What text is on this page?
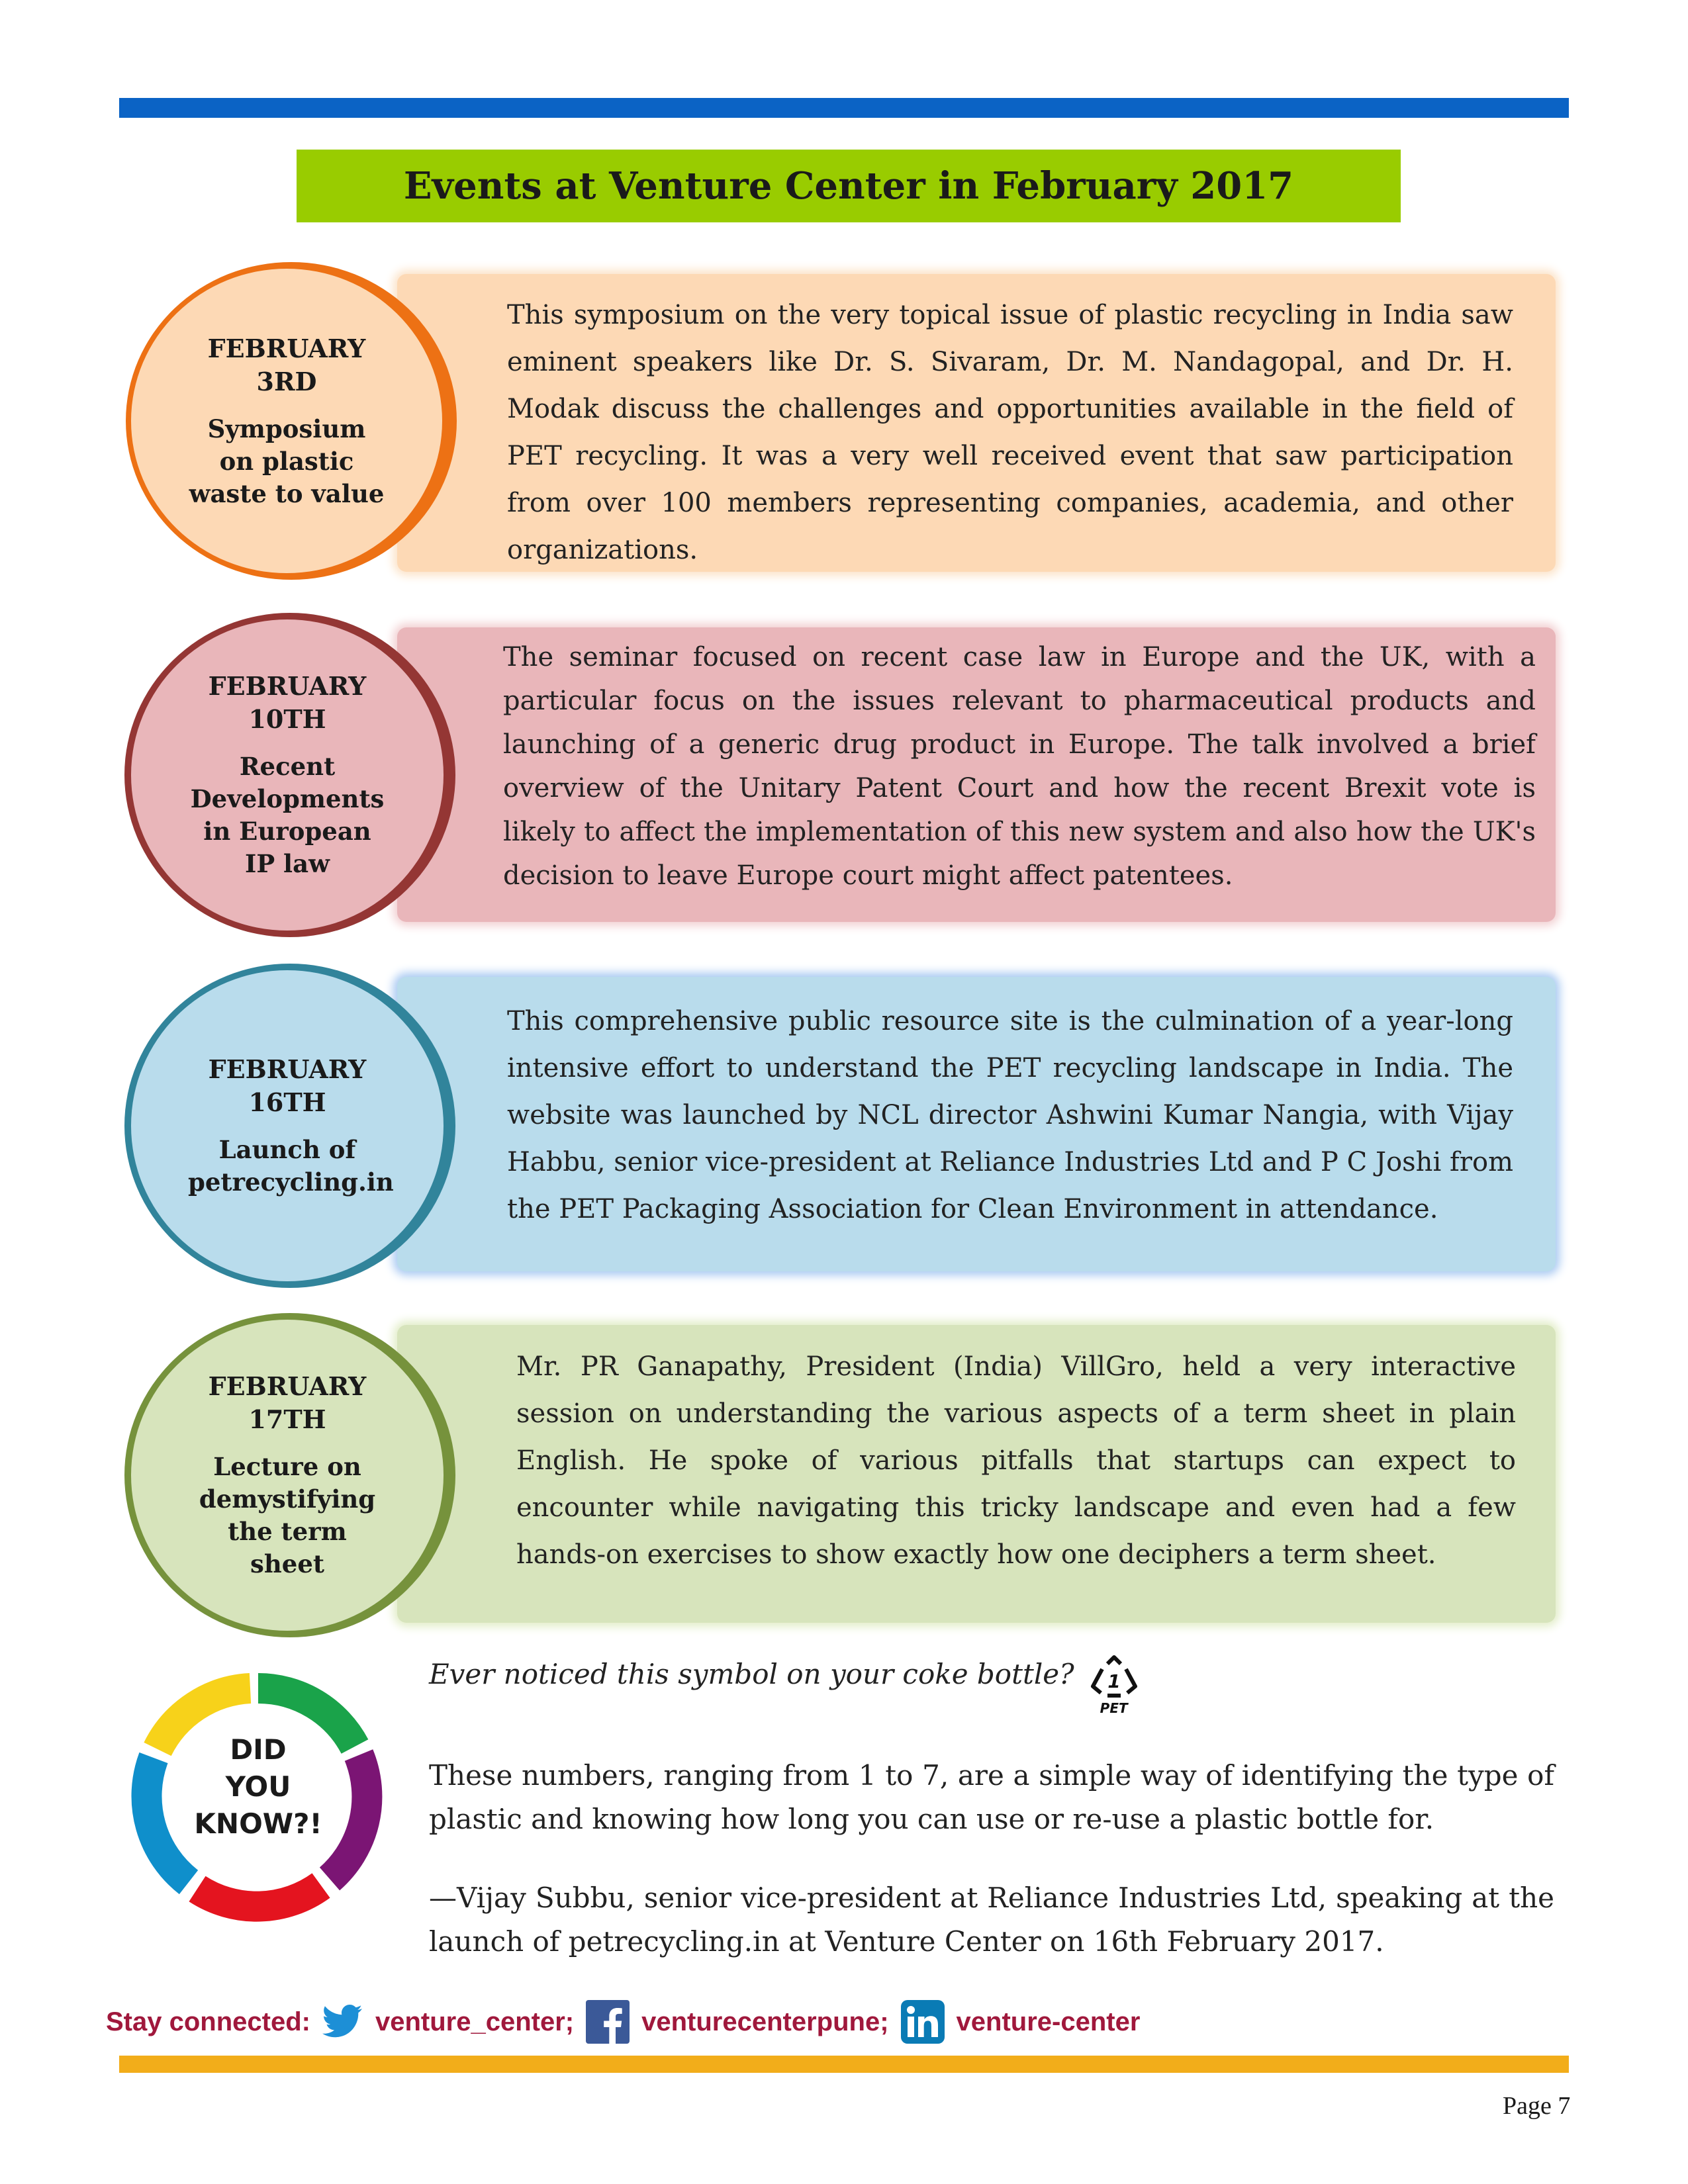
Events at Venture Center in February 2017
FEBRUARY
3RD
Symposium on plastic waste to value
This symposium on the very topical issue of plastic recycling in India saw eminent speakers like Dr. S. Sivaram, Dr. M. Nandagopal, and Dr. H. Modak discuss the challenges and opportunities available in the field of PET recycling. It was a very well received event that saw participation from over 100 members representing companies, academia, and other organizations.
FEBRUARY
10TH
Recent Developments in European IP law
The seminar focused on recent case law in Europe and the UK, with a particular focus on the issues relevant to pharmaceutical products and launching of a generic drug product in Europe. The talk involved a brief overview of the Unitary Patent Court and how the recent Brexit vote is likely to affect the implementation of this new system and also how the UK's decision to leave Europe court might affect patentees.
FEBRUARY
16TH
Launch of petrecycling.in
This comprehensive public resource site is the culmination of a year-long intensive effort to understand the PET recycling landscape in India. The website was launched by NCL director Ashwini Kumar Nangia, with Vijay Habbu, senior vice-president at Reliance Industries Ltd and P C Joshi from the PET Packaging Association for Clean Environment in attendance.
FEBRUARY
17TH
Lecture on demystifying the term sheet
Mr. PR Ganapathy, President (India) VillGro, held a very interactive session on understanding the various aspects of a term sheet in plain English. He spoke of various pitfalls that startups can expect to encounter while navigating this tricky landscape and even had a few hands-on exercises to show exactly how one deciphers a term sheet.
DID
YOU
KNOW?!
Ever noticed this symbol on your coke bottle? 1
PET
These numbers, ranging from 1 to 7, are a simple way of identifying the type of plastic and knowing how long you can use or re-use a plastic bottle for.
—Vijay Subbu, senior vice-president at Reliance Industries Ltd, speaking at the launch of petrecycling.in at Venture Center on 16th February 2017.
Stay connected: venture_center;	venturecenterpune;	venture-center
Page 7
